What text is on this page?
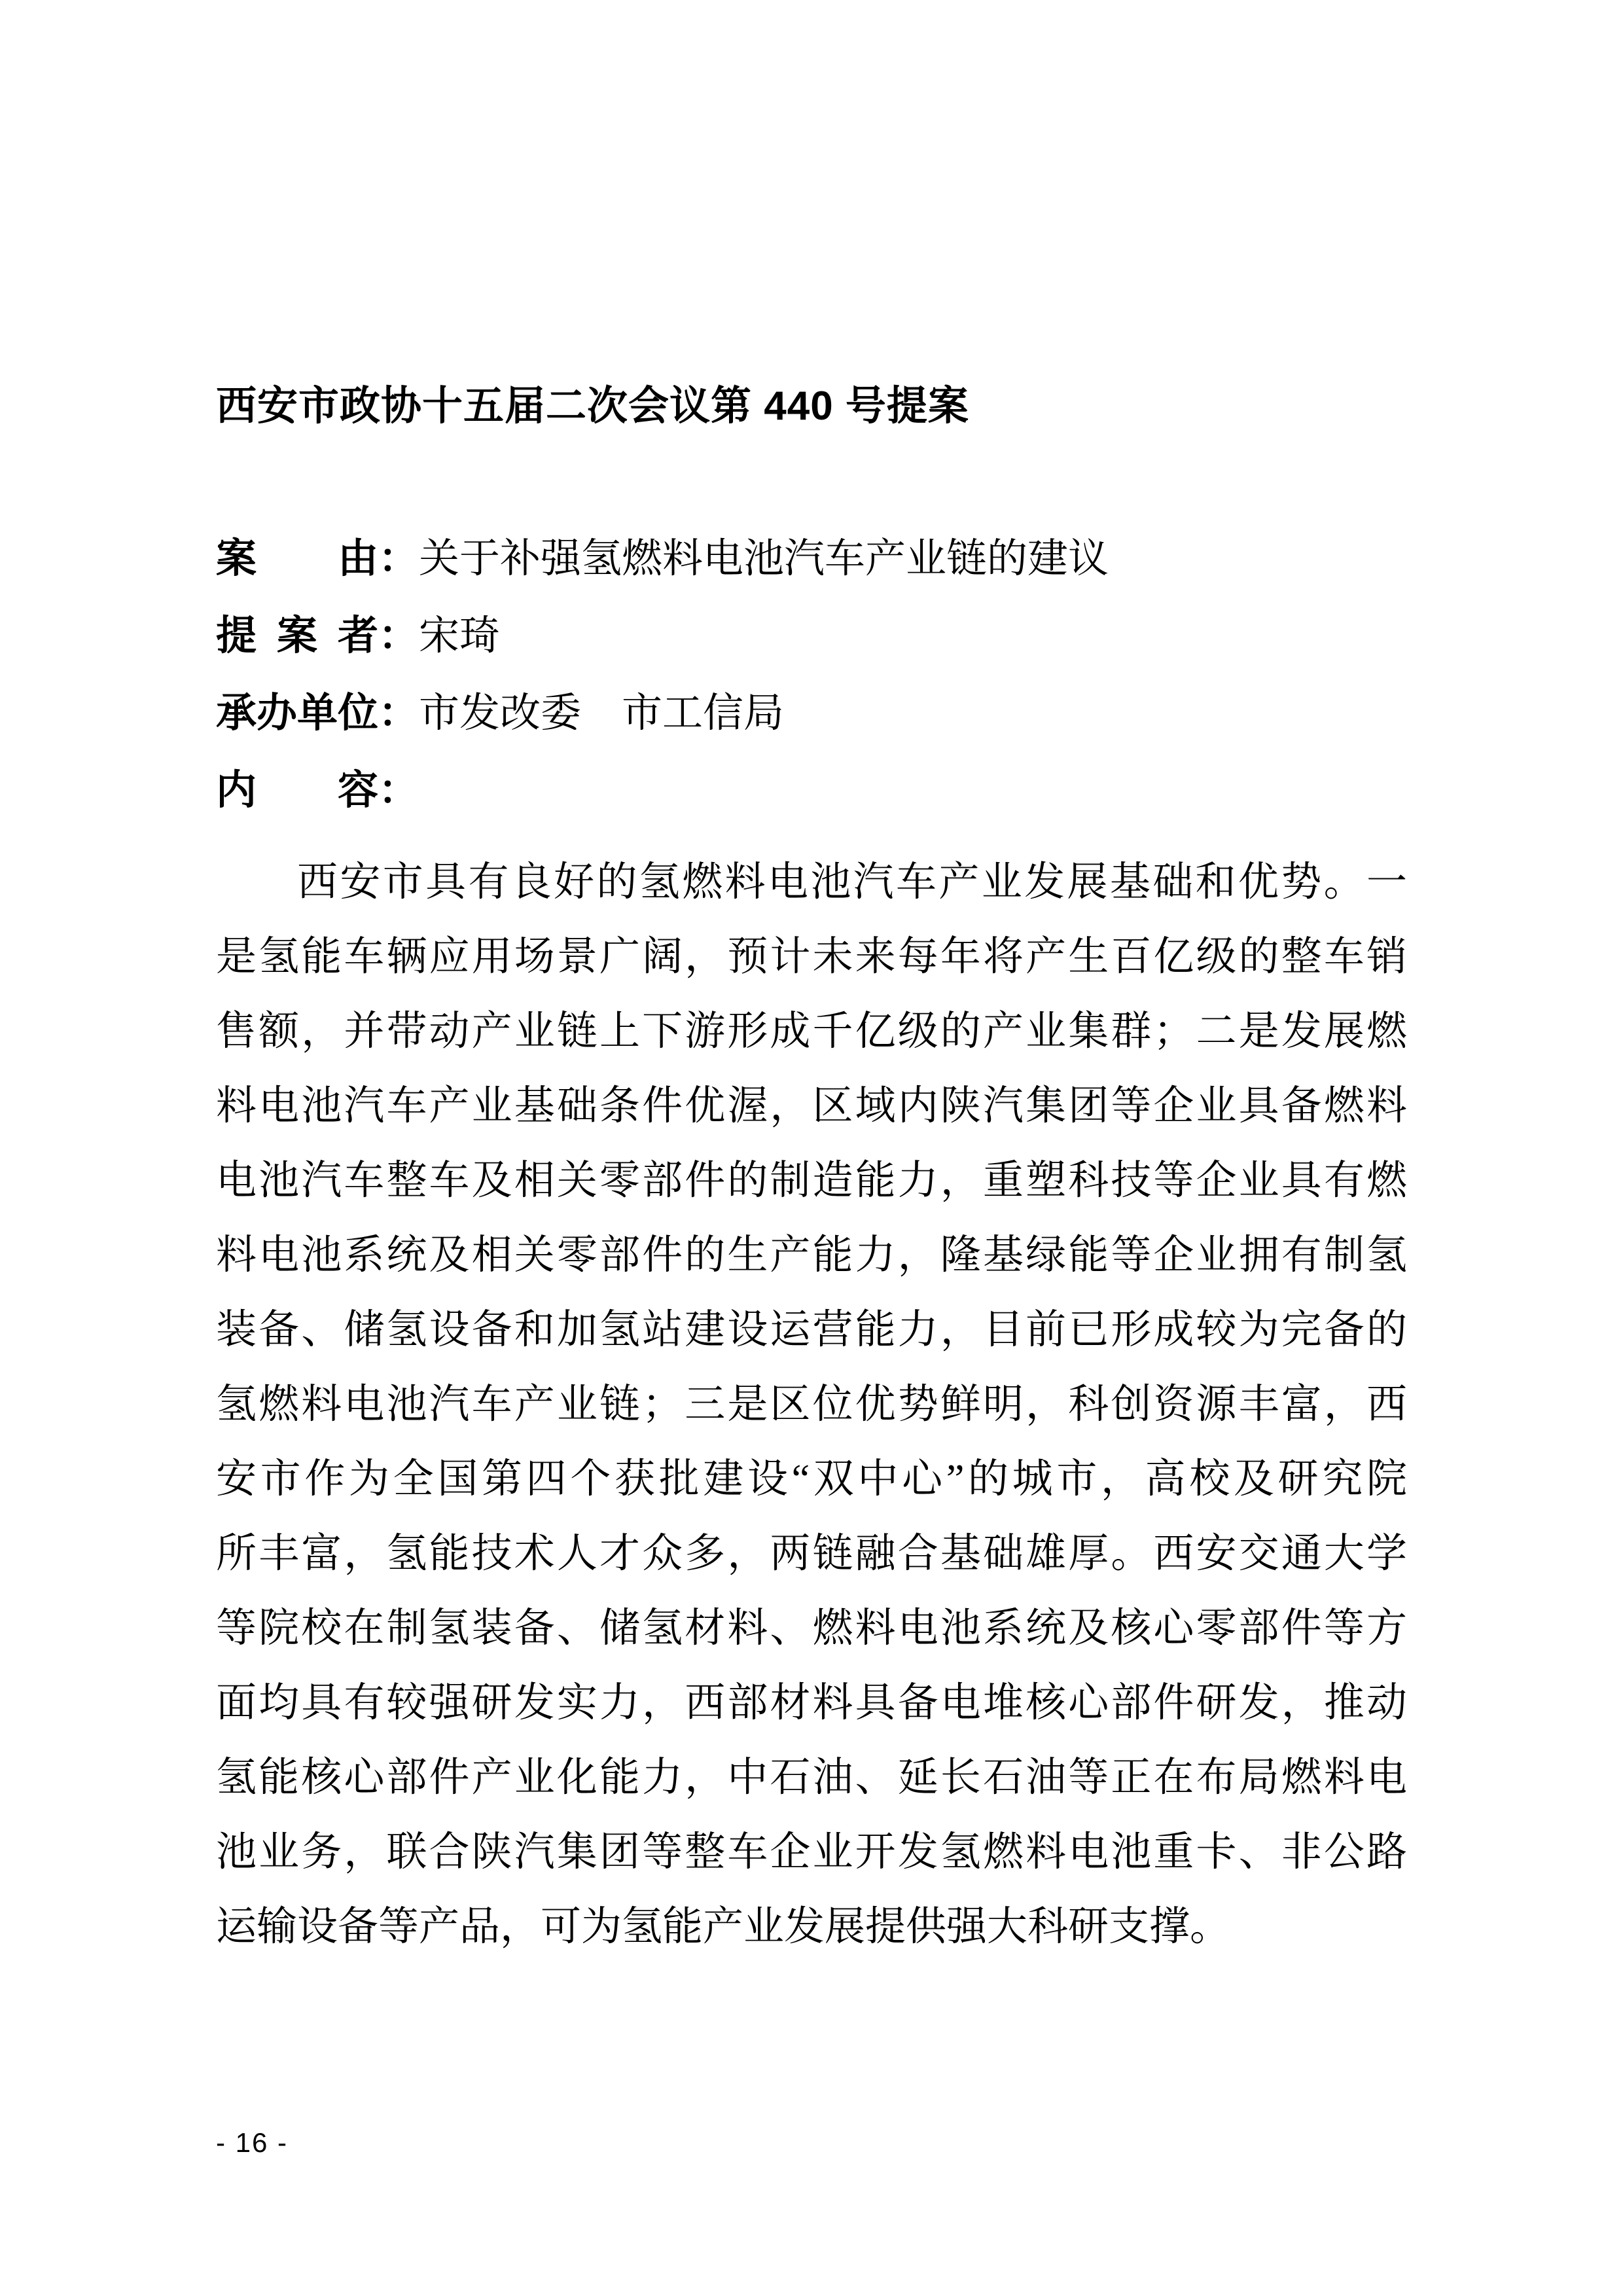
西安市政协十五届二次会议第 440 号提案
案由：关于补强氢燃料电池汽车产业链的建议
提案者：宋琦
承办单位：市发改委　市工信局
内容：
西安市具有良好的氢燃料电池汽车产业发展基础和优势。一
是氢能车辆应用场景广阔，预计未来每年将产生百亿级的整车销
售额，并带动产业链上下游形成千亿级的产业集群；二是发展燃
料电池汽车产业基础条件优渥，区域内陕汽集团等企业具备燃料
电池汽车整车及相关零部件的制造能力，重塑科技等企业具有燃
料电池系统及相关零部件的生产能力，隆基绿能等企业拥有制氢
装备、储氢设备和加氢站建设运营能力，目前已形成较为完备的
氢燃料电池汽车产业链；三是区位优势鲜明，科创资源丰富，西
安市作为全国第四个获批建设“双中心”的城市，高校及研究院
所丰富，氢能技术人才众多，两链融合基础雄厚。西安交通大学
等院校在制氢装备、储氢材料、燃料电池系统及核心零部件等方
面均具有较强研发实力，西部材料具备电堆核心部件研发，推动
氢能核心部件产业化能力，中石油、延长石油等正在布局燃料电
池业务，联合陕汽集团等整车企业开发氢燃料电池重卡、非公路
运输设备等产品，可为氢能产业发展提供强大科研支撑。
- 16 -
